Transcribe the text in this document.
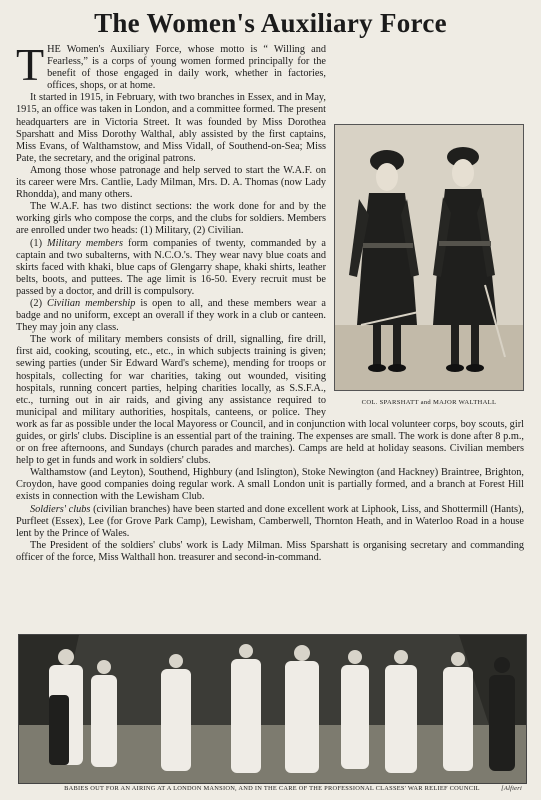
The Women's Auxiliary Force
COL. SPARSHATT and MAJOR WALTHALL

THE Women's Auxiliary Force, whose motto is “ Willing and Fearless,” is a corps of young women formed principally for the benefit of those engaged in daily work, whether in factories, offices, shops, or at home.

It started in 1915, in February, with two branches in Essex, and in May, 1915, an office was taken in London, and a committee formed. The present headquarters are in Victoria Street. It was founded by Miss Dorothea Sparshatt and Miss Dorothy Walthal, ably assisted by the first captains, Miss Evans, of Walthamstow, and Miss Vidall, of Southend-on-Sea; Miss Pate, the secretary, and the original patrons.

Among those whose patronage and help served to start the W.A.F. on its career were Mrs. Cantlie, Lady Milman, Mrs. D. A. Thomas (now Lady Rhondda), and many others.

The W.A.F. has two distinct sections: the work done for and by the working girls who compose the corps, and the clubs for soldiers. Members are enrolled under two heads: (1) Military, (2) Civilian.

(1) Military members form companies of twenty, commanded by a captain and two subalterns, with N.C.O.'s. They wear navy blue coats and skirts faced with khaki, blue caps of Glengarry shape, khaki shirts, leather belts, boots, and puttees. The age limit is 16-50. Every recruit must be passed by a doctor, and drill is compulsory.

(2) Civilian membership is open to all, and these members wear a badge and no uniform, except an overall if they work in a club or canteen. They may join any class.

The work of military members consists of drill, signalling, fire drill, first aid, cooking, scouting, etc., etc., in which subjects training is given; sewing parties (under Sir Edward Ward's scheme), mending for troops or hospitals, collecting for war charities, taking out wounded, visiting hospitals, running concert parties, helping charities locally, as S.S.F.A., etc., turning out in air raids, and giving any assistance required to municipal and military authorities, hospitals, canteens, or police. They work as far as possible under the local Mayoress or Council, and in conjunction with local volunteer corps, boy scouts, girl guides, or girls' clubs. Discipline is an essential part of the training. The expenses are small. The work is done after 8 p.m., or on free afternoons, and Sundays (church parades and marches). Camps are held at holiday seasons. Civilian members help to get in funds and work in soldiers' clubs.

Walthamstow (and Leyton), Southend, Highbury (and Islington), Stoke Newington (and Hackney) Braintree, Brighton, Croydon, have good companies doing regular work. A small London unit is partially formed, and a branch at Forest Hill exists in connection with the Lewisham Club.

Soldiers' clubs (civilian branches) have been started and done excellent work at Liphook, Liss, and Shottermill (Hants), Purfleet (Essex), Lee (for Grove Park Camp), Lewisham, Camberwell, Thornton Heath, and in Waterloo Road in a house lent by the Prince of Wales.

The President of the soldiers' clubs' work is Lady Milman. Miss Sparshatt is organising secretary and commanding officer of the force, Miss Walthall hon. treasurer and second-in-command.

BABIES OUT FOR AN AIRING AT A LONDON MANSION, AND IN THE CARE OF THE PROFESSIONAL CLASSES' WAR RELIEF COUNCIL	[Alfieri
